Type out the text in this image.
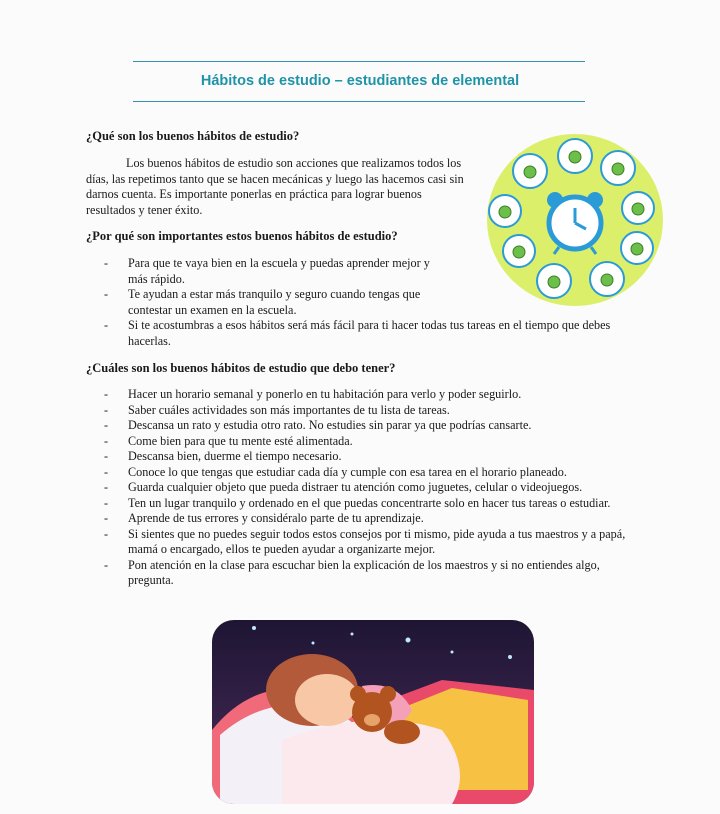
Hábitos de estudio – estudiantes de elemental
¿Qué son los buenos hábitos de estudio?
Los buenos hábitos de estudio son acciones que realizamos todos los días, las repetimos tanto que se hacen mecánicas y luego las hacemos casi sin darnos cuenta. Es importante ponerlas en práctica para lograr buenos resultados y tener éxito.
¿Por qué son importantes estos buenos hábitos de estudio?
- Para que te vaya bien en la escuela y puedas aprender mejor y más rápido.
- Te ayudan a estar más tranquilo y seguro cuando tengas que contestar un examen en la escuela.
- Si te acostumbras a esos hábitos será más fácil para ti hacer todas tus tareas en el tiempo que debes hacerlas.
¿Cuáles son los buenos hábitos de estudio que debo tener?
- Hacer un horario semanal y ponerlo en tu habitación para verlo y poder seguirlo.
- Saber cuáles actividades son más importantes de tu lista de tareas.
- Descansa un rato y estudia otro rato. No estudies sin parar ya que podrías cansarte.
- Come bien para que tu mente esté alimentada.
- Descansa bien, duerme el tiempo necesario.
- Conoce lo que tengas que estudiar cada día y cumple con esa tarea en el horario planeado.
- Guarda cualquier objeto que pueda distraer tu atención como juguetes, celular o videojuegos.
- Ten un lugar tranquilo y ordenado en el que puedas concentrarte solo en hacer tus tareas o estudiar.
- Aprende de tus errores y considéralo parte de tu aprendizaje.
- Si sientes que no puedes seguir todos estos consejos por ti mismo, pide ayuda a tus maestros y a papá, mamá o encargado, ellos te pueden ayudar a organizarte mejor.
- Pon atención en la clase para escuchar bien la explicación de los maestros y si no entiendes algo, pregunta.
